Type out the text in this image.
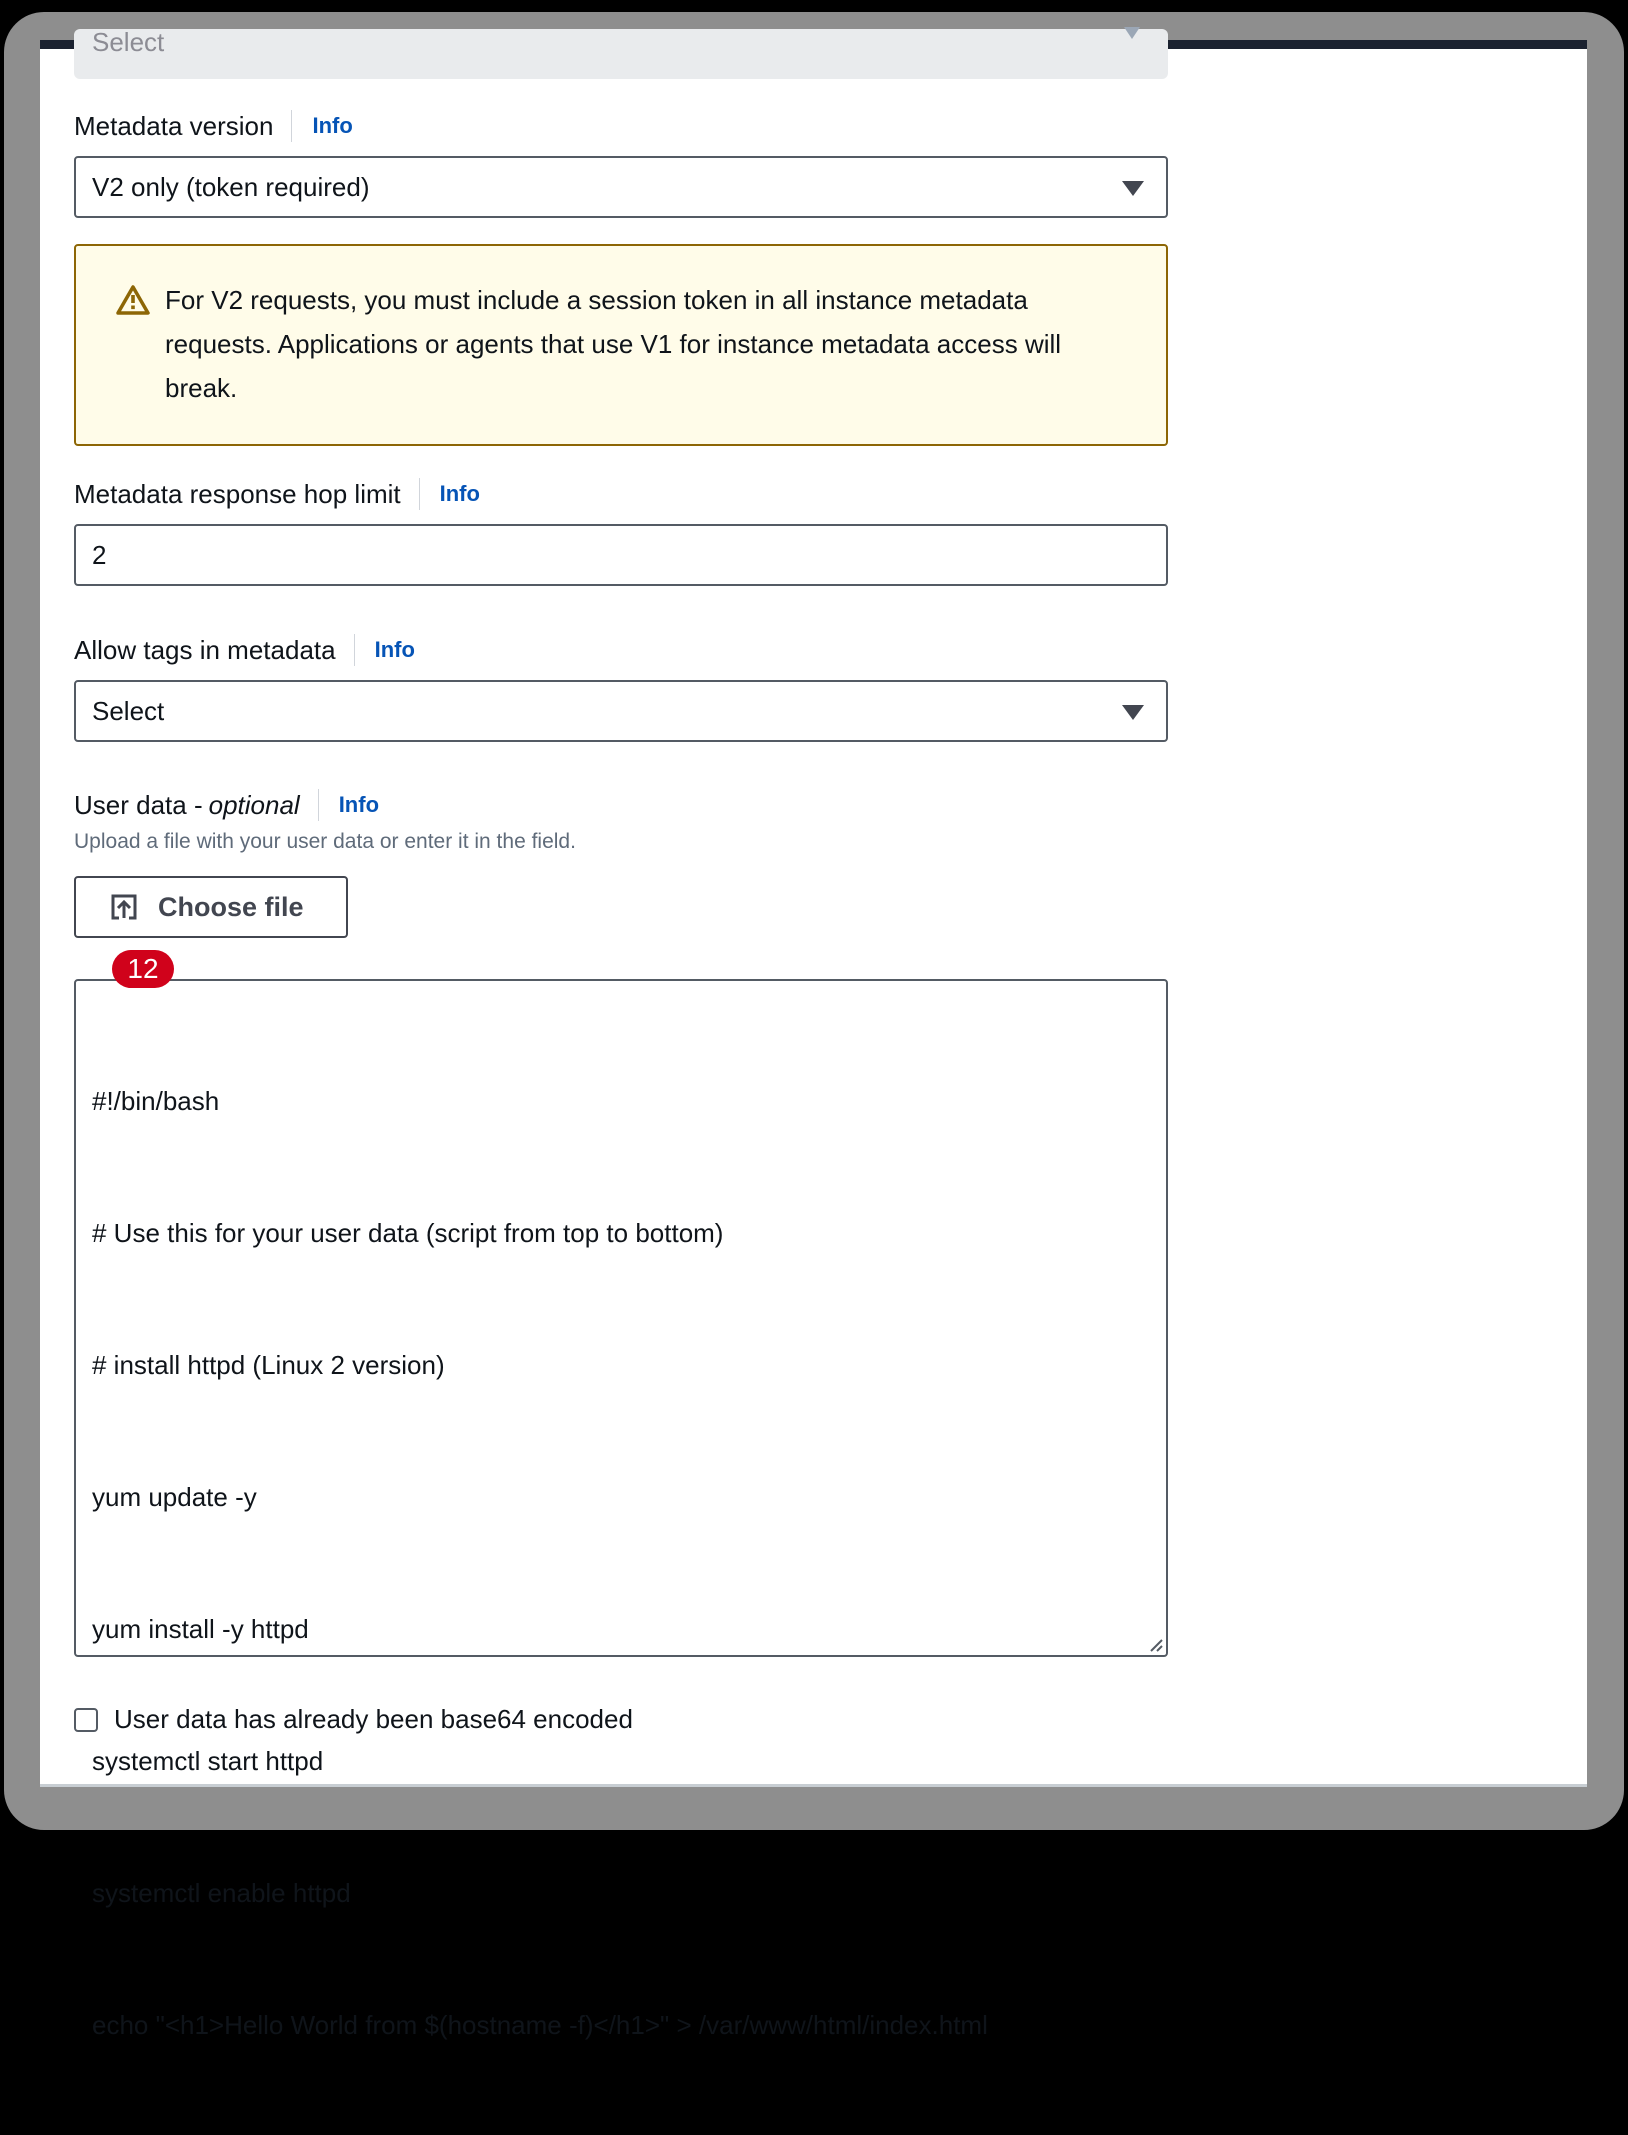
Select
Metadata version Info
V2 only (token required)
For V2 requests, you must include a session token in all instance metadata requests. Applications or agents that use V1 for instance metadata access will break.
Metadata response hop limit Info
2
Allow tags in metadata Info
Select
User data - optional Info
Upload a file with your user data or enter it in the field.
Choose file
12

#!/bin/bash

# Use this for your user data (script from top to bottom)

# install httpd (Linux 2 version)

yum update -y

yum install -y httpd

systemctl start httpd

systemctl enable httpd

echo "<h1>Hello World from $(hostname -f)</h1>" > /var/www/html/index.html

User data has already been base64 encoded
